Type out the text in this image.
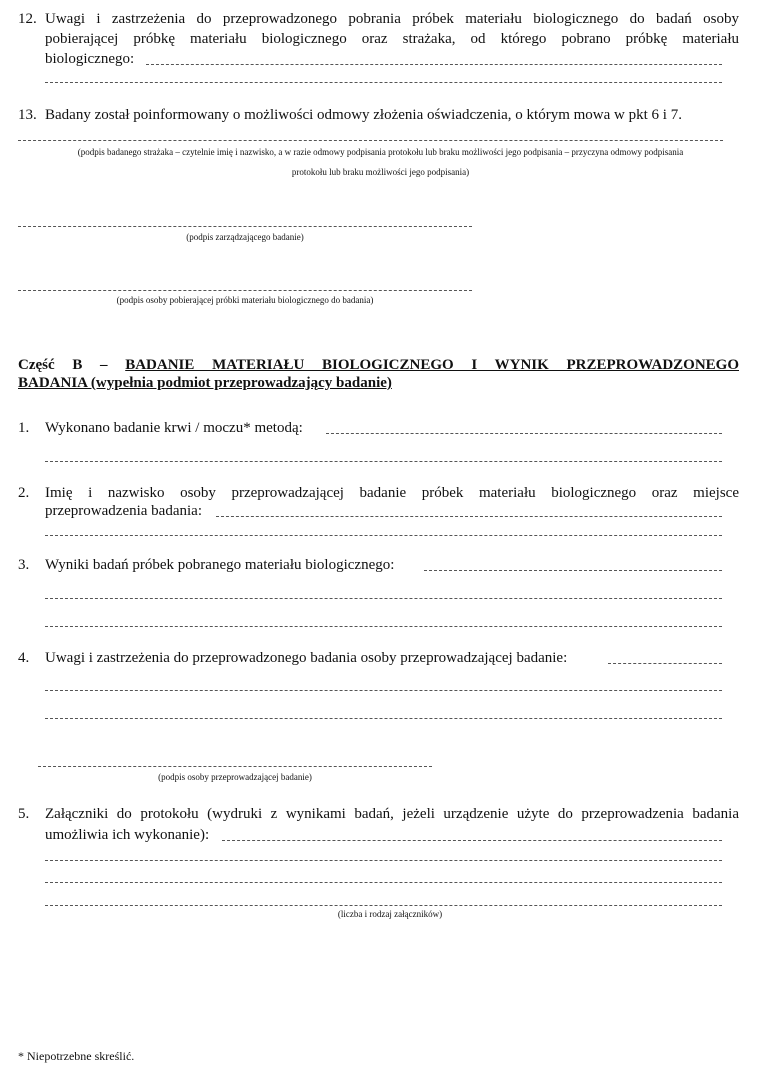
12. Uwagi i zastrzeżenia do przeprowadzonego pobrania próbek materiału biologicznego do badań osoby
pobierającej próbkę materiału biologicznego oraz strażaka, od którego pobrano próbkę materiału
biologicznego:
13. Badany został poinformowany o możliwości odmowy złożenia oświadczenia, o którym mowa w pkt 6 i 7.
(podpis badanego strażaka – czytelnie imię i nazwisko, a w razie odmowy podpisania protokołu lub braku możliwości jego podpisania – przyczyna odmowy podpisania
protokołu lub braku możliwości jego podpisania)
(podpis zarządzającego badanie)
(podpis osoby pobierającej próbki materiału biologicznego do badania)
Część B – BADANIE MATERIAŁU BIOLOGICZNEGO I WYNIK PRZEPROWADZONEGO
BADANIA (wypełnia podmiot przeprowadzający badanie)
1. Wykonano badanie krwi / moczu* metodą:
2. Imię i nazwisko osoby przeprowadzającej badanie próbek materiału biologicznego oraz miejsce
przeprowadzenia badania:
3. Wyniki badań próbek pobranego materiału biologicznego:
4. Uwagi i zastrzeżenia do przeprowadzonego badania osoby przeprowadzającej badanie:
(podpis osoby przeprowadzającej badanie)
5. Załączniki do protokołu (wydruki z wynikami badań, jeżeli urządzenie użyte do przeprowadzenia badania
umożliwia ich wykonanie):
(liczba i rodzaj załączników)
* Niepotrzebne skreślić.
